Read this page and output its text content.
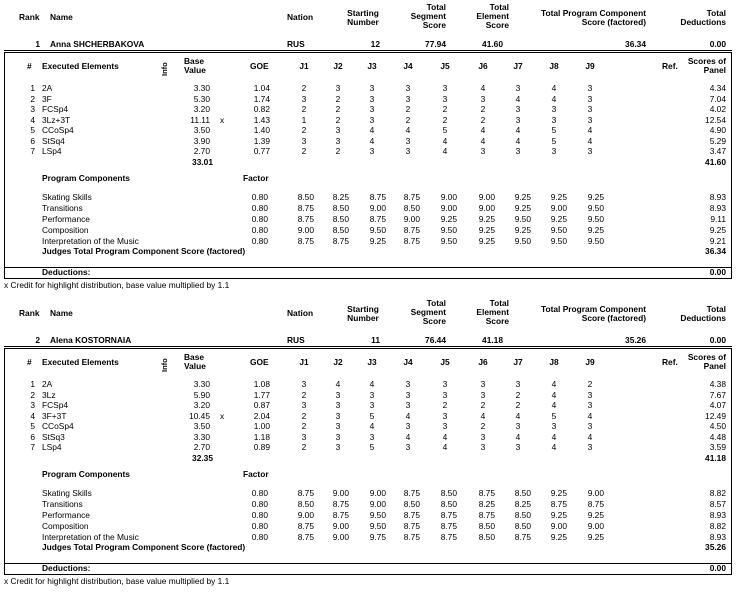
Rank Name	Nation	Starting
Number
Total
Segment
Score
Total
Element
Score
Total Program Component
Score (factored)
Total
Deductions
1 Anna SHCHERBAKOVA	RUS	12	77.94	41.60	36.34	0.00
# Executed Elements	Info
Base
Value	GOE	J1	J2	J3	J4	J5	J6	J7	J8	J9	Ref. Scores of
Panel
1 2A	3.30	1.04	2	3	3	3	3	4	3	4	3	4.34
2 3F	5.30	1.74	3	2	3	3	3	3	4	4	3	7.04
3 FCSp4	3.20	0.82	2	2	3	2	2	2	3	3	3	4.02
4 3Lz+3T	11.11 x	1.43	1	2	3	2	2	2	3	3	3	12.54
5 CCoSp4	3.50	1.40	2	3	4	4	5	4	4	5	4	4.90
6 StSq4	3.90	1.39	3	3	4	3	4	4	4	5	4	5.29
7 LSp4	2.70	0.77	2	2	3	3	4	3	3	3	3	3.47
33.01	41.60
Program Components	Factor
Skating Skills	0.80	8.50 8.25 8.75 8.75 9.00	9.00 9.25 9.25 9.25	8.93
Transitions	0.80	8.75 8.50 9.00 8.50 9.00	9.00 9.25 9.00 9.50	8.93
Performance	0.80	8.75 8.50 8.75 9.00 9.25	9.25 9.50 9.25 9.50	9.11
Composition	0.80	9.00 8.50 9.50 8.75 9.50	9.25 9.25 9.50 9.25	9.25
Interpretation of the Music	0.80	8.75 8.75 9.25 8.75 9.50	9.25 9.50 9.50 9.50	9.21
Judges Total Program Component Score (factored)	36.34
Deductions:	0.00
x Credit for highlight distribution, base value multiplied by 1.1
Rank Name	Nation	Starting
Number
Total
Segment
Score
Total
Element
Score
Total Program Component
Score (factored)
Total
Deductions
2 Alena KOSTORNAIA	RUS	11	76.44	41.18	35.26	0.00
# Executed Elements	Info
Base
Value	GOE	J1	J2	J3	J4	J5	J6	J7	J8	J9	Ref. Scores of
Panel
1 2A	3.30	1.08	3	4	4	3	3	3	3	4	2	4.38
2 3Lz	5.90	1.77	2	3	3	3	3	3	2	4	3	7.67
3 FCSp4	3.20	0.87	3	3	3	3	2	2	2	4	3	4.07
4 3F+3T	10.45 x	2.04	2	3	5	4	3	4	4	5	4	12.49
5 CCoSp4	3.50	1.00	2	3	4	3	3	2	3	3	3	4.50
6 StSq3	3.30	1.18	3	3	3	4	4	3	4	4	4	4.48
7 LSp4	2.70	0.89	2	3	5	3	4	3	3	4	3	3.59
32.35	41.18
Program Components	Factor
Skating Skills	0.80	8.75 9.00 9.00 8.75 8.50	8.75 8.50 9.25 9.00	8.82
Transitions	0.80	8.50 8.75 9.00 8.50 8.50	8.25 8.25 8.75 8.75	8.57
Performance	0.80	9.00 8.75 9.50 8.75 8.75	8.75 8.50 9.25 9.25	8.93
Composition	0.80	8.75 9.00 9.50 8.75 8.75	8.50 8.50 9.00 9.00	8.82
Interpretation of the Music	0.80	8.75 9.00 9.75 8.75 8.75	8.50 8.75 9.25 9.25	8.93
Judges Total Program Component Score (factored)	35.26
Deductions:	0.00
x Credit for highlight distribution, base value multiplied by 1.1
